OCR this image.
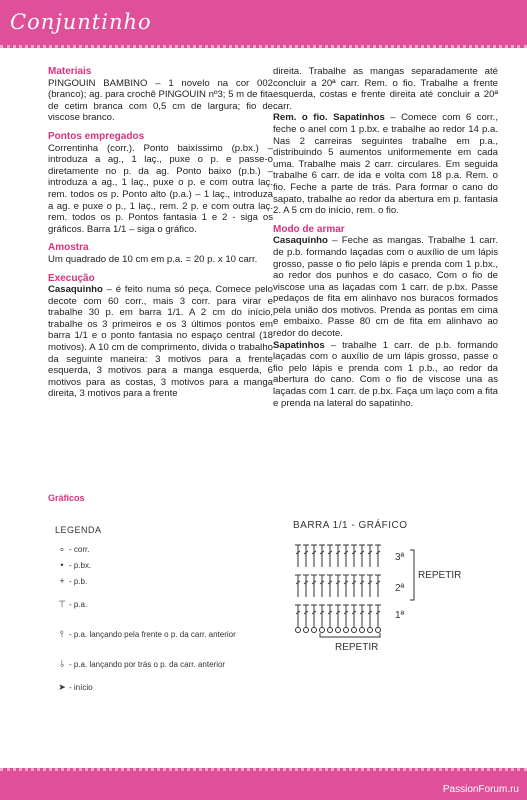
Conjuntinho
Materiais
PINGOUIN BAMBINO – 1 novelo na cor 002 (branco); ag. para crochê PINGOUIN nº3; 5 m de fita de cetim branca com 0,5 cm de largura; fio de viscose branco.
Pontos empregados
Correntinha (corr.). Ponto baixíssimo (p.bx.) – introduza a ag., 1 laç., puxe o p. e passe-o diretamente no p. da ag. Ponto baixo (p.b.) – introduza a ag., 1 laç., puxe o p. e com outra laç. rem. todos os p. Ponto alto (p.a.) – 1 laç., introduza a ag. e puxe o p., 1 laç., rem. 2 p. e com outra laç. rem. todos os p. Pontos fantasia 1 e 2 - siga os gráficos. Barra 1/1 – siga o gráfico.
Amostra
Um quadrado de 10 cm em p.a. = 20 p. x 10 carr.
Execução
Casaquinho – é feito numa só peça. Comece pelo decote com 60 corr., mais 3 corr. para virar e trabalhe 30 p. em barra 1/1. A 2 cm do início, trabalhe os 3 primeiros e os 3 últimos pontos em barra 1/1 e o ponto fantasia no espaço central (18 motivos). A 10 cm de comprimento, divida o trabalho da seguinte maneira: 3 motivos para a frente esquerda, 3 motivos para a manga esquerda, 6 motivos para as costas, 3 motivos para a manga direita, 3 motivos para a frente
direita. Trabalhe as mangas separadamente até concluir a 20ª carr. Rem. o fio. Trabalhe a frente esquerda, costas e frente direita até concluir a 20ª carr.
Rem. o fio. Sapatinhos – Comece com 6 corr., feche o anel com 1 p.bx. e trabalhe ao redor 14 p.a. Nas 2 carreiras seguintes trabalhe em p.a., distribuindo 5 aumentos uniformemente em cada uma. Trabalhe mais 2 carr. circulares. Em seguida trabalhe 6 carr. de ida e volta com 18 p.a. Rem. o fio. Feche a parte de trás. Para formar o cano do sapato, trabalhe ao redor da abertura em p. fantasia 2. A 5 cm do início, rem. o fio.
Modo de armar
Casaquinho – Feche as mangas. Trabalhe 1 carr. de p.b. formando laçadas com o auxílio de um lápis grosso, passe o fio pelo lápis e prenda com 1 p.bx., ao redor dos punhos e do casaco. Com o fio de viscose una as laçadas com 1 carr. de p.bx. Passe pedaços de fita em alinhavo nos buracos formados pela união dos motivos. Prenda as pontas em cima e embaixo. Passe 80 cm de fita em alinhavo ao redor do decote.
Sapatinhos – trabalhe 1 carr. de p.b. formando laçadas com o auxílio de um lápis grosso, passe o fio pelo lápis e prenda com 1 p.b., ao redor da abertura do cano. Com o fio de viscose una as laçadas com 1 carr. de p.bx. Faça um laço com a fita e prenda na lateral do sapatinho.
Gráficos
LEGENDA
∘ - corr.
• - p.bx.
+ - p.b.
⊤ - p.a.
⫯ - p.a. lançando pela frente o p. da carr. anterior
⫰ - p.a. lançando por trás o p. da carr. anterior
➤ - início
BARRA 1/1 - GRÁFICO
3ª
2ª
1ª
REPETIR
REPETIR
PassionForum.ru
